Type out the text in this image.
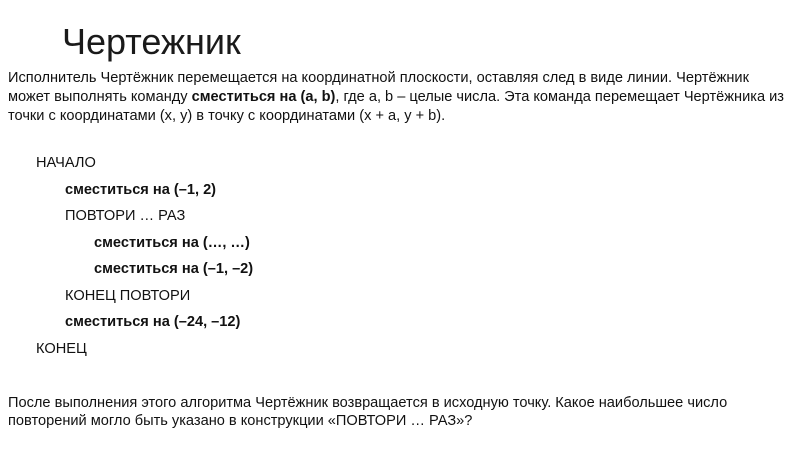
Чертежник

Исполнитель Чертёжник перемещается на координатной плоскости, оставляя след в виде линии. Чертёжник может выполнять команду сместиться на (a, b), где a, b – целые числа. Эта команда перемещает Чертёжника из точки с координатами (x, y) в точку с координатами (x + a, y + b).

НАЧАЛО
сместиться на (–1, 2)
ПОВТОРИ … РАЗ
сместиться на (…, …)
сместиться на (–1, –2)
КОНЕЦ ПОВТОРИ
сместиться на (–24, –12)
КОНЕЦ

После выполнения этого алгоритма Чертёжник возвращается в исходную точку. Какое наибольшее число повторений могло быть указано в конструкции «ПОВТОРИ … РАЗ»?
